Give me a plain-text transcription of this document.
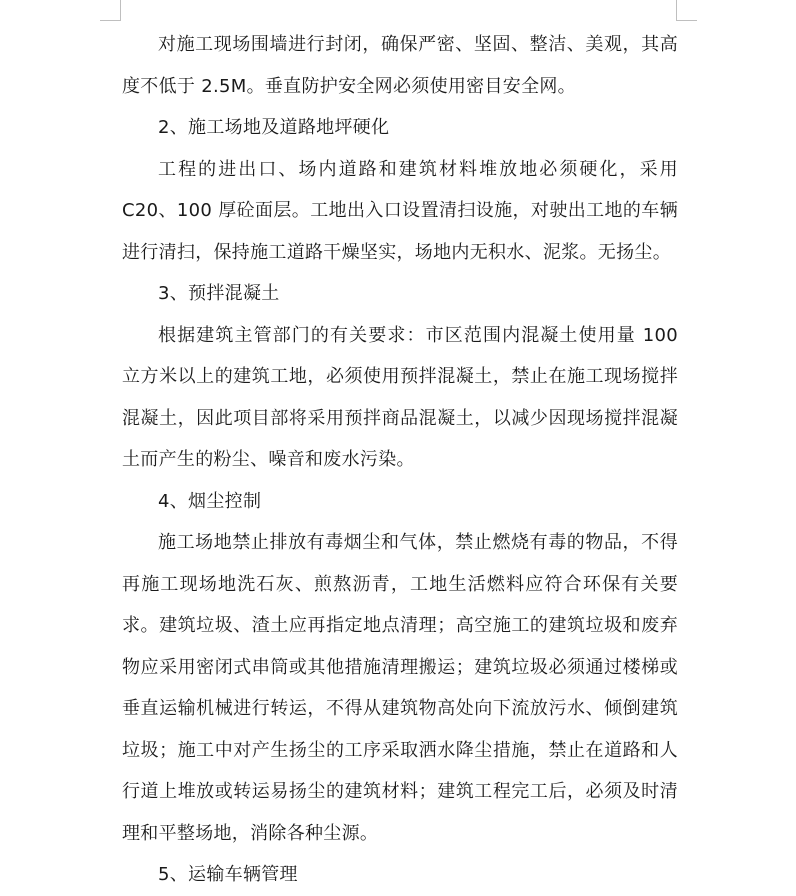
对施工现场围墙进行封闭，确保严密、坚固、整洁、美观，其高度不低于 2.5M。垂直防护安全网必须使用密目安全网。

2、施工场地及道路地坪硬化

工程的进出口、场内道路和建筑材料堆放地必须硬化，采用 C20、100 厚砼面层。工地出入口设置清扫设施，对驶出工地的车辆进行清扫，保持施工道路干燥坚实，场地内无积水、泥浆。无扬尘。

3、预拌混凝土

根据建筑主管部门的有关要求：市区范围内混凝土使用量 100 立方米以上的建筑工地，必须使用预拌混凝土，禁止在施工现场搅拌混凝土，因此项目部将采用预拌商品混凝土，以减少因现场搅拌混凝土而产生的粉尘、噪音和废水污染。

4、烟尘控制

施工场地禁止排放有毒烟尘和气体，禁止燃烧有毒的物品，不得再施工现场地洗石灰、煎熬沥青，工地生活燃料应符合环保有关要求。建筑垃圾、渣土应再指定地点清理；高空施工的建筑垃圾和废弃物应采用密闭式串筒或其他措施清理搬运；建筑垃圾必须通过楼梯或垂直运输机械进行转运，不得从建筑物高处向下流放污水、倾倒建筑垃圾；施工中对产生扬尘的工序采取洒水降尘措施，禁止在道路和人行道上堆放或转运易扬尘的建筑材料；建筑工程完工后，必须及时清理和平整场地，消除各种尘源。

5、运输车辆管理
